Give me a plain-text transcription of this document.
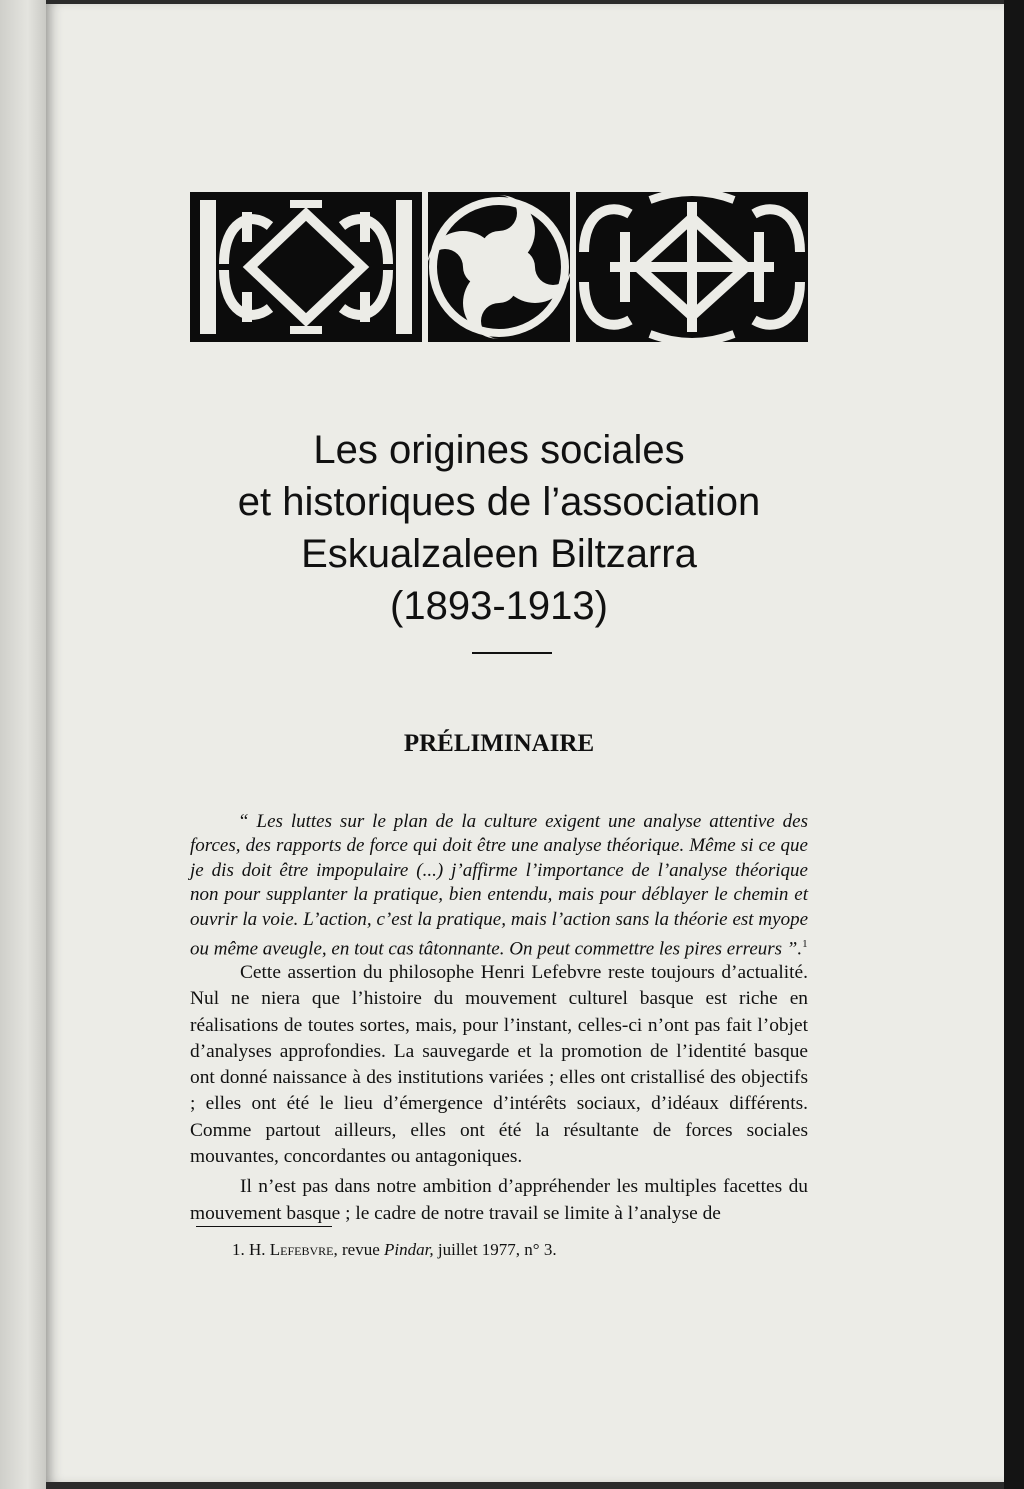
Les origines sociales
et historiques de l’association
Eskualzaleen Biltzarra
(1893-1913)
PRÉLIMINAIRE

“ Les luttes sur le plan de la culture exigent une analyse attentive des forces, des rapports de force qui doit être une analyse théorique. Même si ce que je dis doit être impopulaire (...) j’affirme l’importance de l’analyse théorique non pour supplanter la pratique, bien entendu, mais pour déblayer le chemin et ouvrir la voie. L’action, c’est la pratique, mais l’action sans la théorie est myope ou même aveugle, en tout cas tâtonnante. On peut commettre les pires erreurs ”.$^1$

Cette assertion du philosophe Henri Lefebvre reste toujours d’actualité. Nul ne niera que l’histoire du mouvement culturel basque est riche en réalisations de toutes sortes, mais, pour l’instant, celles-ci n’ont pas fait l’objet d’analyses approfondies. La sauvegarde et la promotion de l’identité basque ont donné naissance à des institutions variées ; elles ont cristallisé des objectifs ; elles ont été le lieu d’émergence d’intérêts sociaux, d’idéaux différents. Comme partout ailleurs, elles ont été la résultante de forces sociales mouvantes, concordantes ou antagoniques.

Il n’est pas dans notre ambition d’appréhender les multiples facettes du mouvement basque ; le cadre de notre travail se limite à l’analyse de

1. H. Lefebvre, revue Pindar, juillet 1977, n° 3.
